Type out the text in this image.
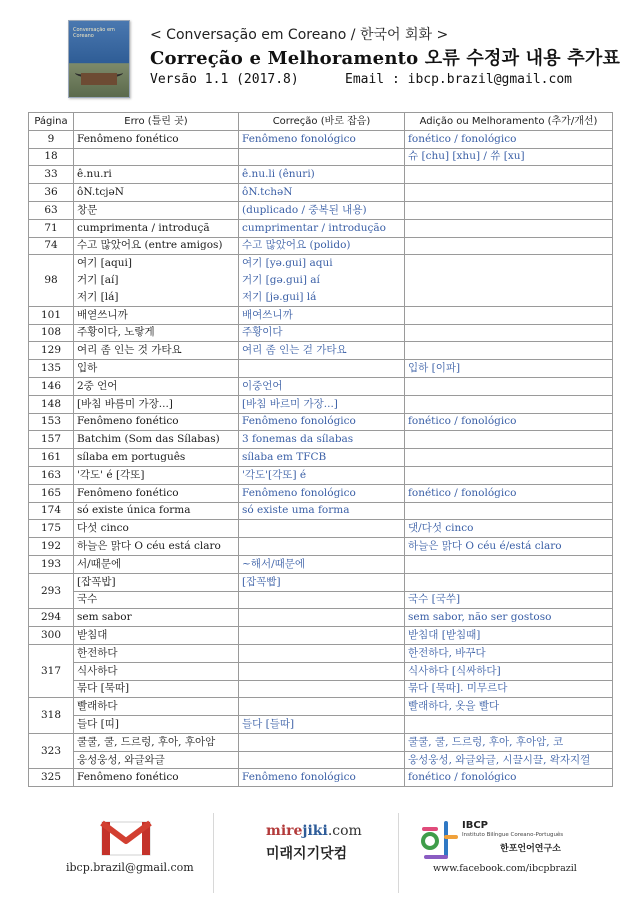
Conversação em Coreano	< Conversação em Coreano / 한국어 회화 >
Correção e Melhoramento 오류 수정과 내용 추가표
Versão 1.1 (2017.8)	Email : ibcp.brazil@gmail.com
Página	Erro (틀린 곳)	Correção (바로 잡음)	Adição ou Melhoramento (추가/개선)
9	Fenômeno fonético	Fenômeno fonológico	fonético / fonológico
18			슈 [chu] [xhu] / 쓔 [xu]
33	ê.nu.ri	ê.nu.li (ênuri)	
36	ôN.tcjəN	ôN.tchəN	
63	창문	(duplicado / 중복된 내용)	
71	cumprimenta / introduçã	cumprimentar / introdução	
74	수고 많았어요 (entre amigos)	수고 많았어요 (polido)	
98	여기 [aqui]	여기 [yə.gui] aqui	
	거기 [aí]	거기 [gə.gui] aí	
	저기 [lá]	저기 [jə.gui] lá	
101	배엳쓰니까	배여쓰니까	
108	주황이다, 노랗게	주황이다	
129	여리 좀 인는 것 가타요	여리 좀 인는 걷 가타요	
135	입하		입하 [이파]
146	2중 언어	이중언어	
148	[바침 바름미 가장...]	[바침 바르미 가장...]	
153	Fenômeno fonético	Fenômeno fonológico	fonético / fonológico
157	Batchim (Som das Sílabas)	3 fonemas da sílabas	
161	sílaba em português	sílaba em TFCB	
163	'각도' é [각또]	'각도'[각또] é	
165	Fenômeno fonético	Fenômeno fonológico	fonético / fonológico
174	só existe única forma	só existe uma forma	
175	다섯 cinco		댓/다섯 cinco
192	하늘은 맑다 O céu está claro		하늘은 맑다 O céu é/está claro
193	서/때문에	~해서/때문에	
293	[잡꼭밥]	[잡꼭빱]	
	국수		국수 [국쑤]
294	sem sabor		sem sabor, não ser gostoso
300	받침대		받침대 [받침때]
317	한전하다		한전하다, 바꾸다
	식사하다		식사하다 [식싸하다]
	묶다 [묵따]		묶다 [묵따]. 미무르다
318	빨래하다		빨래하다, 옷을 빨다
	들다 [띠]	들다 [들따]	
323	쿨쿨, 쿨, 드르렁, 후아, 후아암		쿨쿨, 쿨, 드르렁, 후아, 후아암, 코
	웅성웅성, 와글와글		웅성웅성, 와글와글, 시끌시끌, 왁자지껄
325	Fenômeno fonético	Fenômeno fonológico	fonético / fonológico
ibcp.brazil@gmail.com
mirejiki.com
미래지기닷컴
IBCP
Instituto Bilíngue Coreano-Português
한포언어연구소
www.facebook.com/ibcpbrazil
